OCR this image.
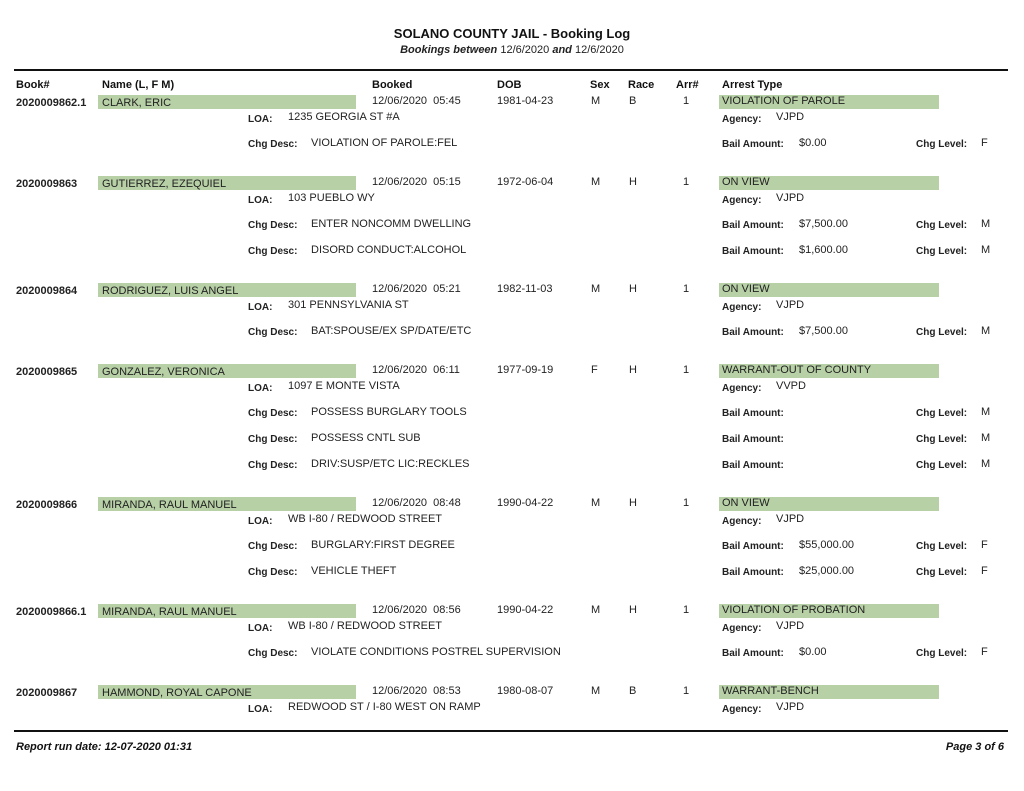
SOLANO COUNTY JAIL - Booking Log
Bookings between 12/6/2020 and 12/6/2020
Book#	Name (L, F M)	Booked	DOB	Sex Race Arr# Arrest Type
2020009862.1 CLARK, ERIC	12/06/2020  05:45	1981-04-23	M	B	1	VIOLATION OF PAROLE
LOA: 1235 GEORGIA ST #A	Agency: VJPD
Chg Desc: VIOLATION OF PAROLE:FEL	Bail Amount: $0.00	Chg Level: F
2020009863 GUTIERREZ, EZEQUIEL	12/06/2020  05:15	1972-06-04	M	H	1	ON VIEW
LOA: 103 PUEBLO WY	Agency: VJPD
Chg Desc: ENTER NONCOMM DWELLING	Bail Amount: $7,500.00	Chg Level: M
Chg Desc: DISORD CONDUCT:ALCOHOL	Bail Amount: $1,600.00	Chg Level: M
2020009864 RODRIGUEZ, LUIS ANGEL	12/06/2020  05:21	1982-11-03	M	H	1	ON VIEW
LOA: 301 PENNSYLVANIA ST	Agency: VJPD
Chg Desc: BAT:SPOUSE/EX SP/DATE/ETC	Bail Amount: $7,500.00	Chg Level: M
2020009865 GONZALEZ, VERONICA	12/06/2020  06:11	1977-09-19	F	H	1	WARRANT-OUT OF COUNTY
LOA: 1097 E MONTE VISTA	Agency: VVPD
Chg Desc: POSSESS BURGLARY TOOLS	Bail Amount:	Chg Level: M
Chg Desc: POSSESS CNTL SUB	Bail Amount:	Chg Level: M
Chg Desc: DRIV:SUSP/ETC LIC:RECKLES	Bail Amount:	Chg Level: M
2020009866 MIRANDA, RAUL MANUEL	12/06/2020  08:48	1990-04-22	M	H	1	ON VIEW
LOA: WB I-80 / REDWOOD STREET	Agency: VJPD
Chg Desc: BURGLARY:FIRST DEGREE	Bail Amount: $55,000.00	Chg Level: F
Chg Desc: VEHICLE THEFT	Bail Amount: $25,000.00	Chg Level: F
2020009866.1 MIRANDA, RAUL MANUEL	12/06/2020  08:56	1990-04-22	M	H	1	VIOLATION OF PROBATION
LOA: WB I-80 / REDWOOD STREET	Agency: VJPD
Chg Desc: VIOLATE CONDITIONS POSTREL SUPERVISION	Bail Amount: $0.00	Chg Level: F
2020009867 HAMMOND, ROYAL CAPONE	12/06/2020  08:53	1980-08-07	M	B	1	WARRANT-BENCH
LOA: REDWOOD ST / I-80 WEST ON RAMP	Agency: VJPD
Report run date: 12-07-2020 01:31	Page 3 of 6
